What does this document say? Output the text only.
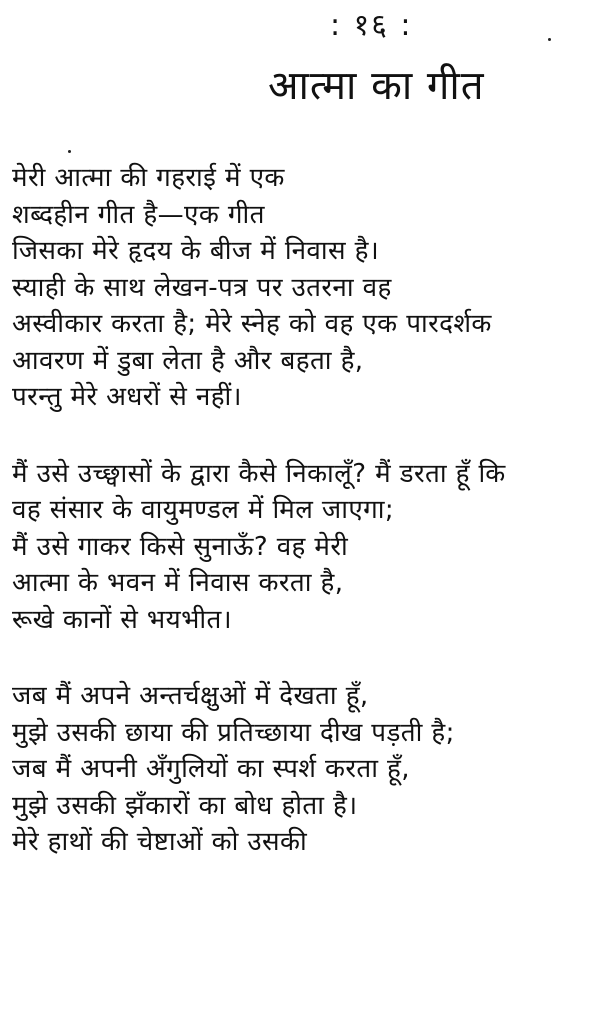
: १६ :
आत्मा का गीत
मेरी आत्मा की गहराई में एक
शब्दहीन गीत है—एक गीत
जिसका मेरे हृदय के बीज में निवास है।
स्याही के साथ लेखन-पत्र पर उतरना वह
अस्वीकार करता है; मेरे स्नेह को वह एक पारदर्शक
आवरण में डुबा लेता है और बहता है,
परन्तु मेरे अधरों से नहीं।
मैं उसे उच्छ्वासों के द्वारा कैसे निकालूँ? मैं डरता हूँ कि
वह संसार के वायुमण्डल में मिल जाएगा;
मैं उसे गाकर किसे सुनाऊँ? वह मेरी
आत्मा के भवन में निवास करता है,
रूखे कानों से भयभीत।
जब मैं अपने अन्तर्चक्षुओं में देखता हूँ,
मुझे उसकी छाया की प्रतिच्छाया दीख पड़ती है;
जब मैं अपनी अँगुलियों का स्पर्श करता हूँ,
मुझे उसकी झँकारों का बोध होता है।
मेरे हाथों की चेष्टाओं को उसकी
